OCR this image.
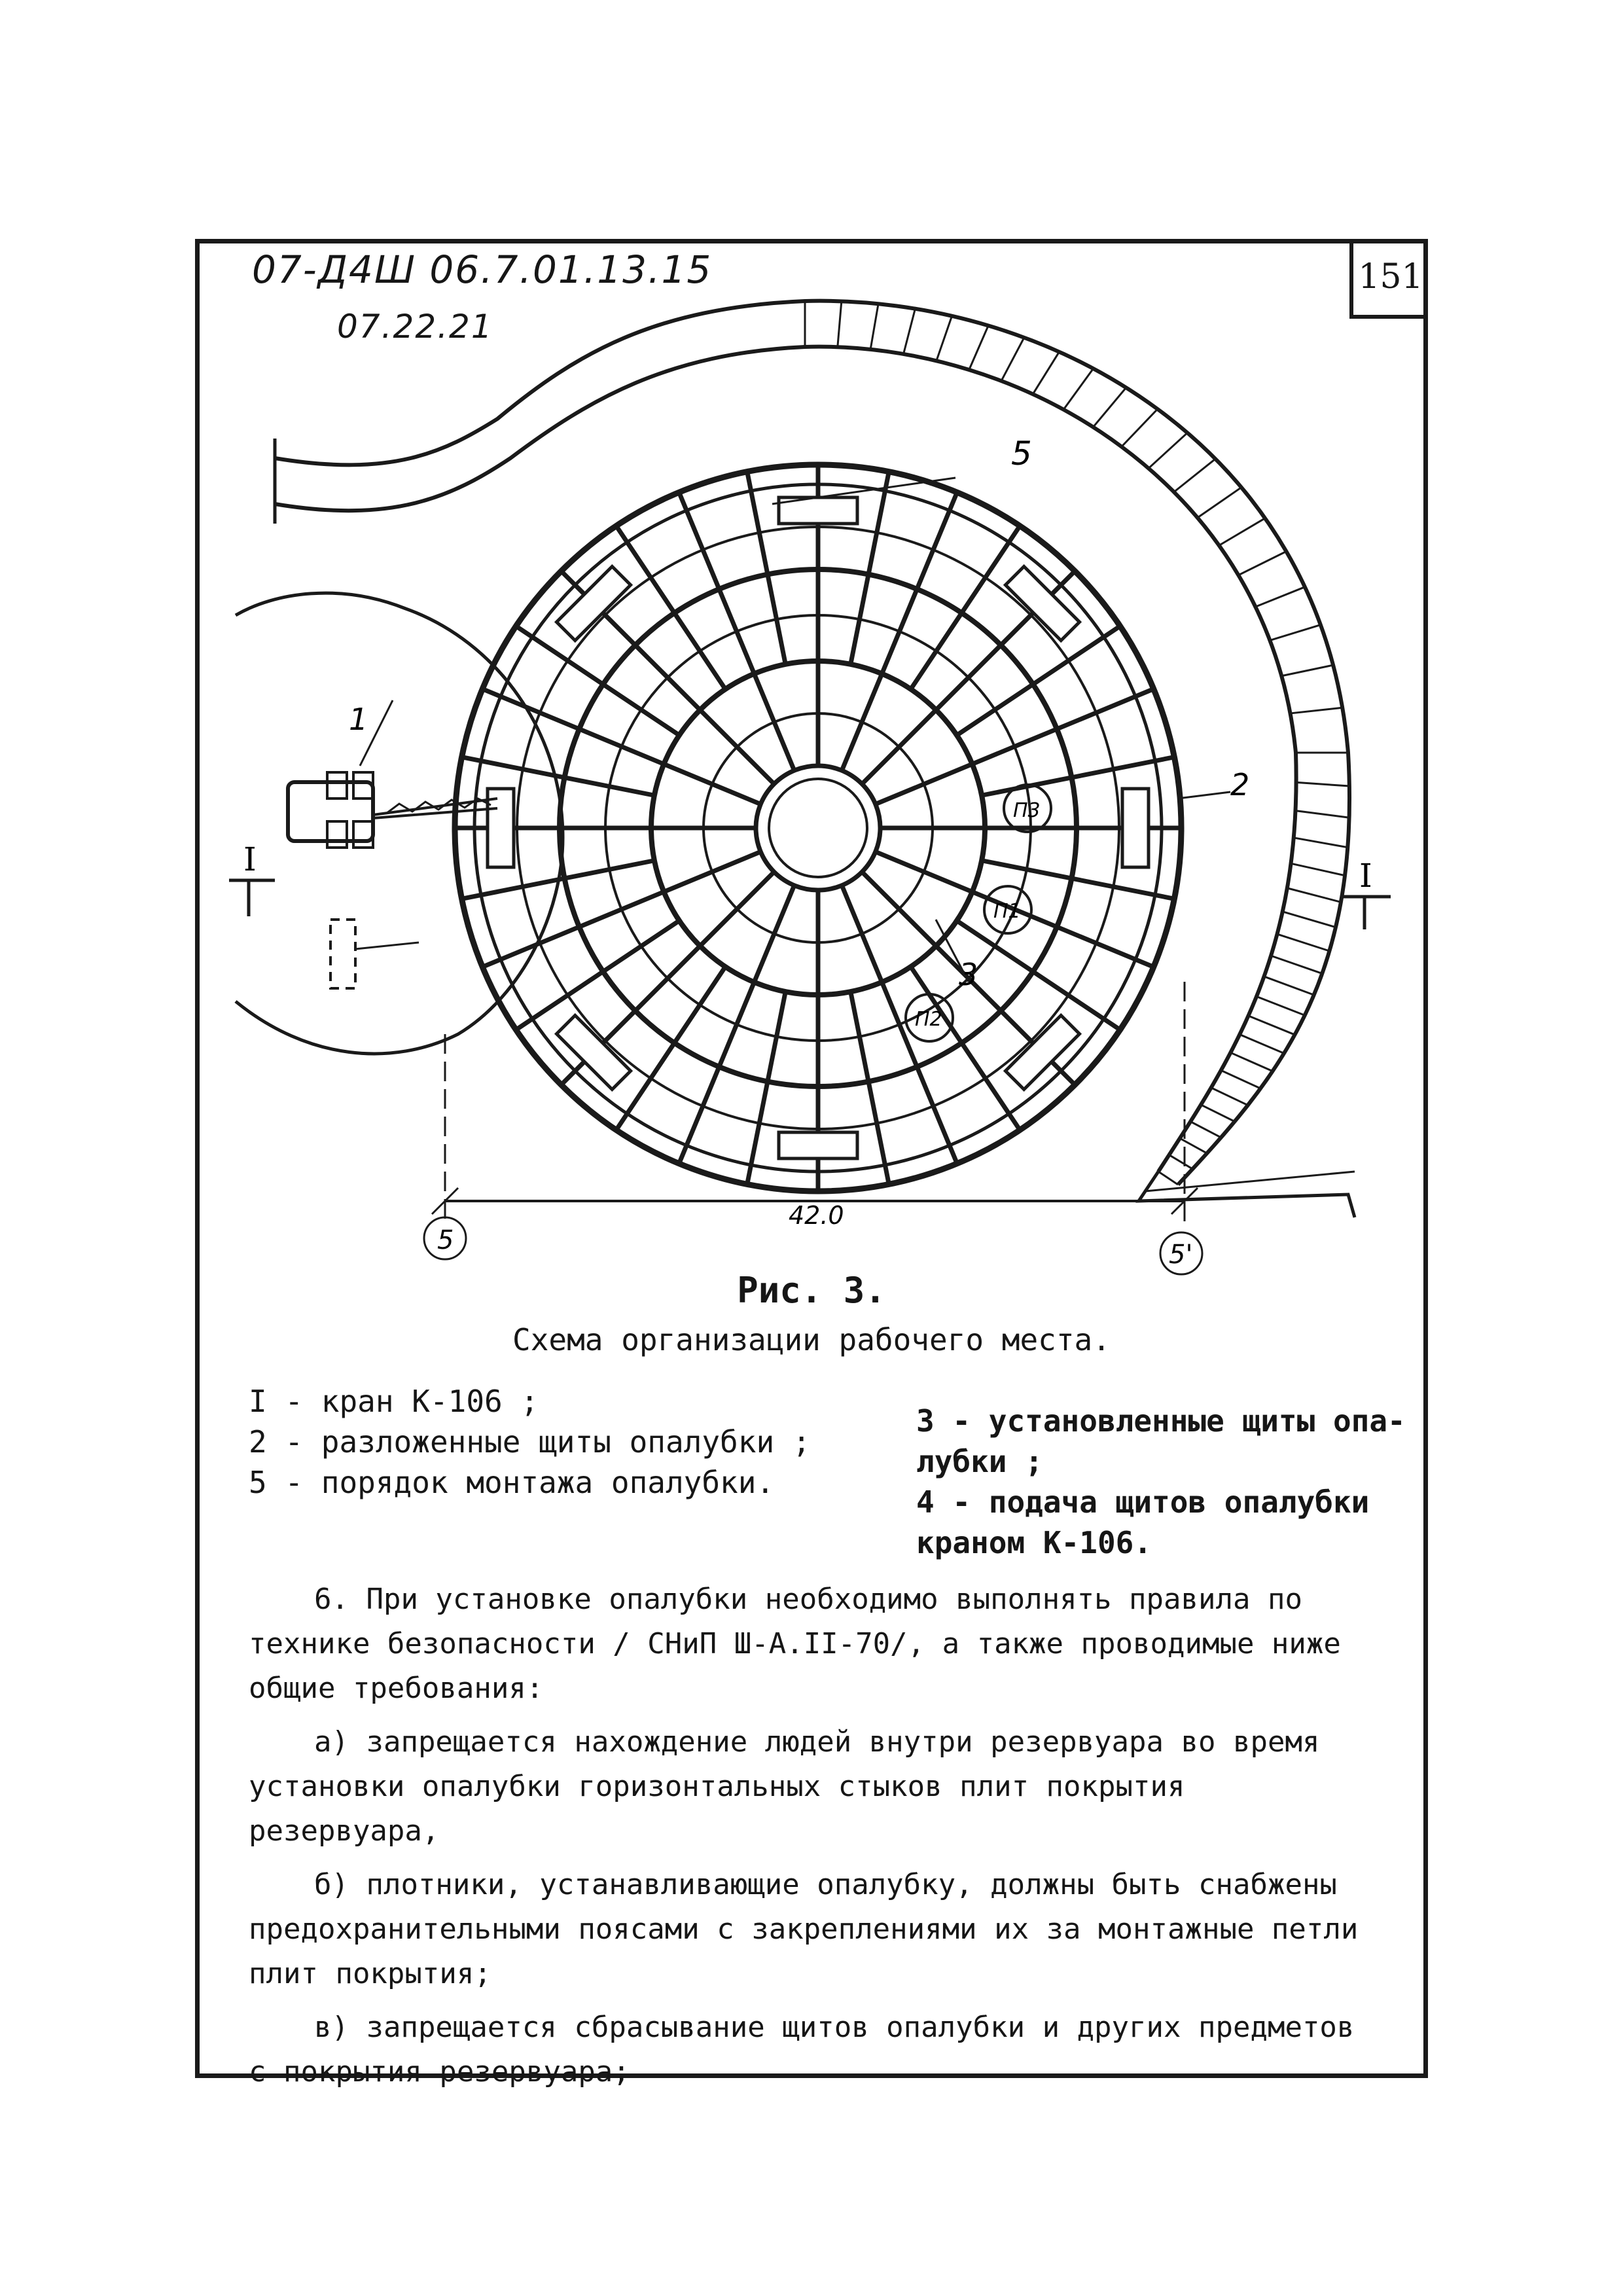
151
07-Д4Ш 06.7.01.13.15
07.22.21
1
2
3
5
П3
П1
П2
I	I
5	5'
42.0
Рис. 3.
Схема организации рабочего места.
I - кран К-106 ;
2 - разложенные щиты опалубки ;
5 - порядок монтажа опалубки.
3 - установленные щиты опа-
лубки ;
4 - подача щитов опалубки
краном К-106.

6. При установке опалубки необходимо выполнять правила по технике безопасности / СНиП Ш-А.II-70/, а также проводимые ниже общие требования:

а) запрещается нахождение людей внутри резервуара во время установки опалубки горизонтальных стыков плит покрытия резервуара,

б) плотники, устанавливающие опалубку, должны быть снабжены предохранительными поясами с закреплениями их за монтажные петли плит покрытия;

в) запрещается сбрасывание щитов опалубки и других предметов с покрытия резервуара;
